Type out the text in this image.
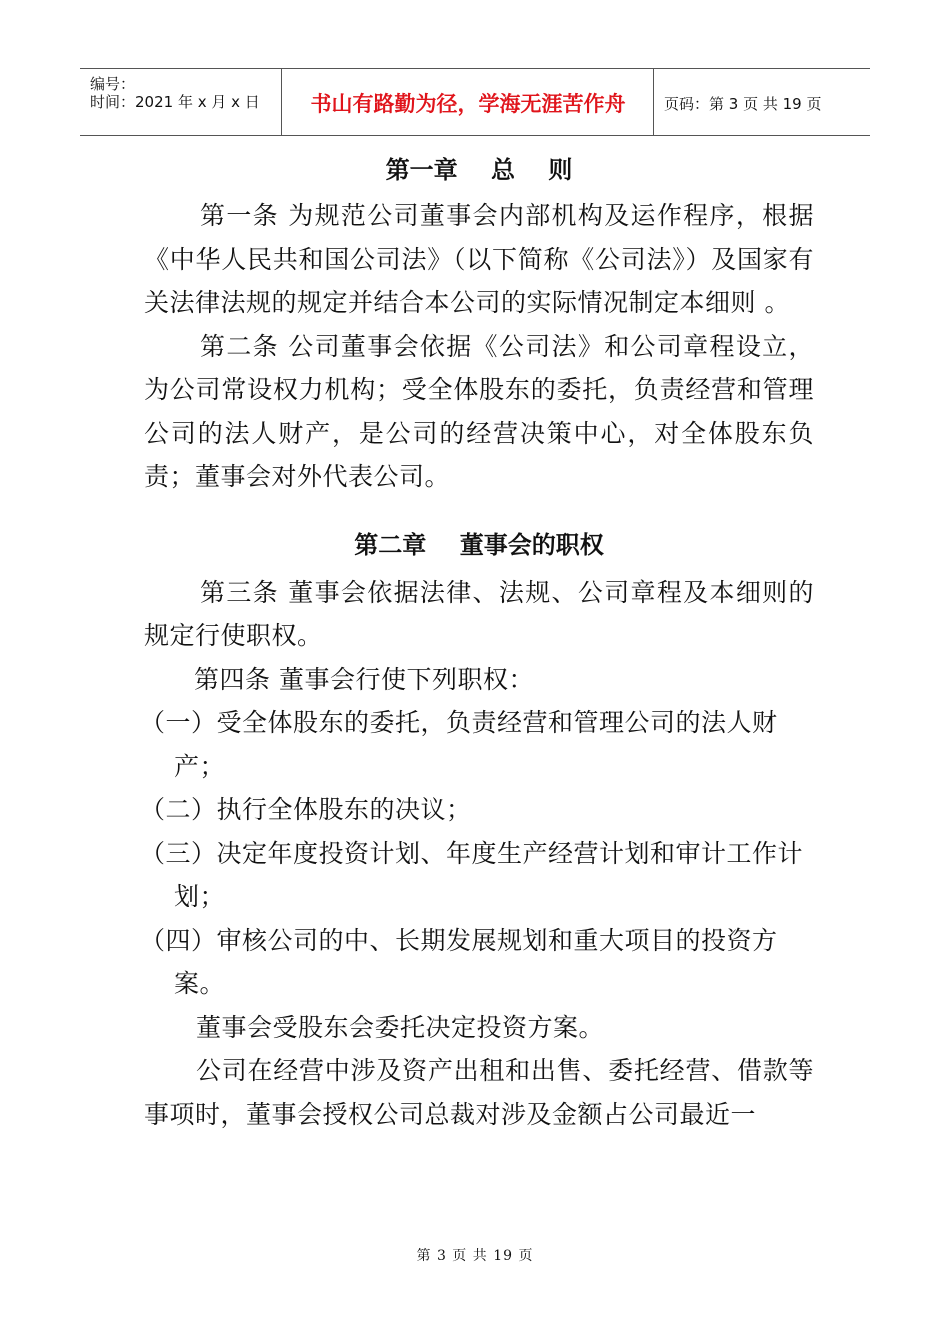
编号：
时间：2021 年 x 月 x 日	书山有路勤为径，学海无涯苦作舟	页码：第 3 页 共 19 页

第一章    总    则

第一条 为规范公司董事会内部机构及运作程序，根据《中华人民共和国公司法》（以下简称《公司法》）及国家有关法律法规的规定并结合本公司的实际情况制定本细则 。

第二条 公司董事会依据《公司法》和公司章程设立，为公司常设权力机构；受全体股东的委托，负责经营和管理公司的法人财产，是公司的经营决策中心，对全体股东负责；董事会对外代表公司。

第二章    董事会的职权

第三条 董事会依据法律、法规、公司章程及本细则的规定行使职权。

第四条 董事会行使下列职权：

（一）受全体股东的委托，负责经营和管理公司的法人财产；

（二）执行全体股东的决议；

（三）决定年度投资计划、年度生产经营计划和审计工作计划；

（四）审核公司的中、长期发展规划和重大项目的投资方案。

董事会受股东会委托决定投资方案。

公司在经营中涉及资产出租和出售、委托经营、借款等事项时，董事会授权公司总裁对涉及金额占公司最近一

第 3 页 共 19 页
